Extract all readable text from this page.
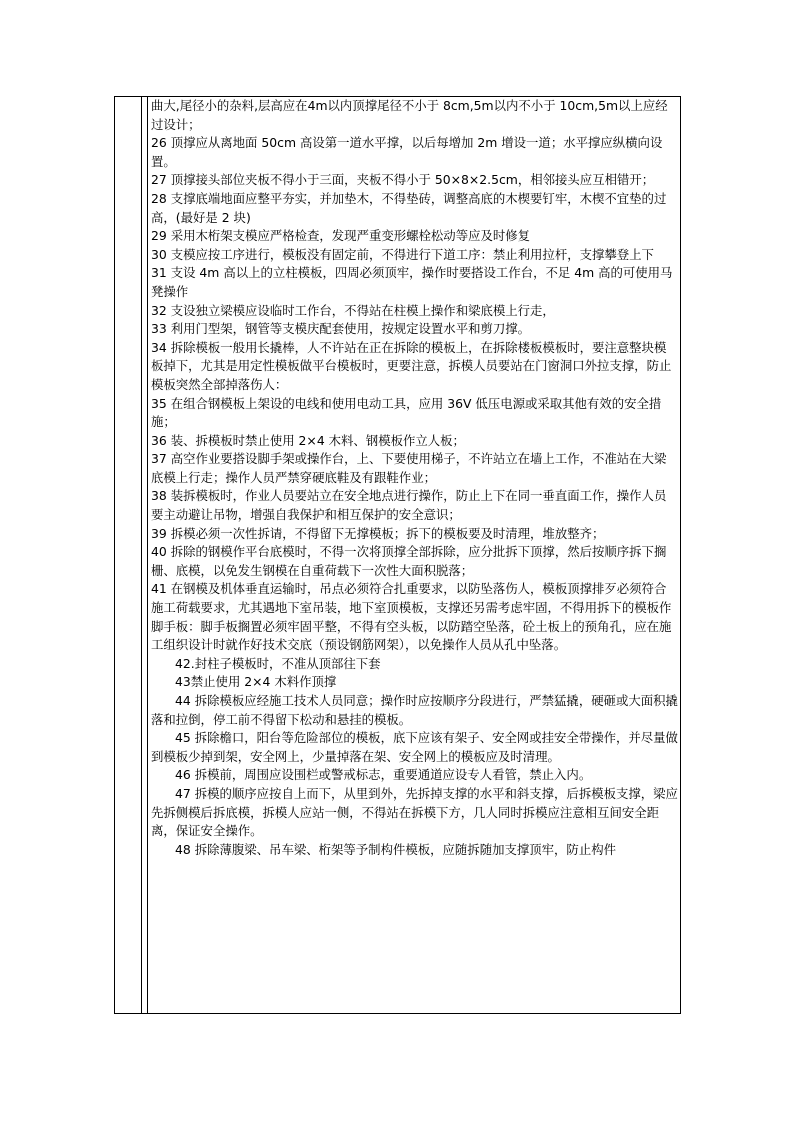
曲大,尾径小的杂料,层高应在4m以内顶撑尾径不小于 8cm,5m以内不小于 10cm,5m以上应经过设计；

26 顶撑应从离地面 50cm 高设第一道水平撑，以后每增加 2m 增设一道；水平撑应纵横向设置。

27 顶撑接头部位夹板不得小于三面，夹板不得小于 50×8×2.5cm，相邻接头应互相错开；

28 支撑底端地面应整平夯实，并加垫木，不得垫砖，调整高底的木楔要钉牢，木楔不宜垫的过高，(最好是 2 块)

29 采用木桁架支模应严格检查，发现严重变形螺栓松动等应及时修复

30 支模应按工序进行，模板没有固定前，不得进行下道工序：禁止利用拉杆，支撑攀登上下

31 支设 4m 高以上的立柱模板，四周必须顶牢，操作时要搭设工作台，不足 4m 高的可使用马凳操作

32 支设独立梁模应设临时工作台，不得站在柱模上操作和梁底模上行走，

33 利用门型架，钢管等支模庆配套使用，按规定设置水平和剪刀撑。

34 拆除模板一般用长撬棒，人不许站在正在拆除的模板上，在拆除楼板模板时，要注意整块模板掉下，尤其是用定性模板做平台模板时，更要注意，拆模人员要站在门窗洞口外拉支撑，防止模板突然全部掉落伤人：

35 在组合钢模板上架设的电线和使用电动工具，应用 36V 低压电源或采取其他有效的安全措施；

36 装、拆模板时禁止使用 2×4 木料、钢模板作立人板；

37 高空作业要搭设脚手架或操作台，上、下要使用梯子，不许站立在墙上工作，不准站在大梁底模上行走；操作人员严禁穿硬底鞋及有跟鞋作业；

38 装拆模板时，作业人员要站立在安全地点进行操作，防止上下在同一垂直面工作，操作人员要主动避让吊物，增强自我保护和相互保护的安全意识；

39 拆模必须一次性拆请，不得留下无撑模板；拆下的模板要及时清理，堆放整齐；

40 拆除的钢模作平台底模时，不得一次将顶撑全部拆除，应分批拆下顶撑，然后按顺序拆下搁栅、底模，以免发生钢模在自重荷载下一次性大面积脱落；

41 在钢模及机体垂直运输时，吊点必须符合扎重要求，以防坠落伤人，模板顶撑排歹必须符合施工荷载要求，尤其遇地下室吊装，地下室顶模板，支撑还另需考虑牢固，不得用拆下的模板作脚手板：脚手板搁置必须牢固平整，不得有空头板，以防踏空坠落，砼土板上的预角孔，应在施工组织设计时就作好技术交底（预设钢筋网架），以免操作人员从孔中坠落。

42.封柱子模板时，不准从顶部往下套

43禁止使用 2×4 木料作顶撑

44 拆除模板应经施工技术人员同意；操作时应按顺序分段进行，严禁猛撬，硬砸或大面积撬落和拉倒，停工前不得留下松动和悬挂的模板。

45 拆除檐口，阳台等危险部位的模板，底下应该有架子、安全网或挂安全带操作，并尽量做到模板少掉到架，安全网上，少量掉落在架、安全网上的模板应及时清理。

46 拆模前，周围应设围栏或警戒标志，重要通道应设专人看管，禁止入内。

47 拆模的顺序应按自上而下，从里到外，先拆掉支撑的水平和斜支撑，后拆模板支撑，梁应先拆侧模后拆底模，拆模人应站一侧，不得站在拆模下方，几人同时拆模应注意相互间安全距离，保证安全操作。

48 拆除薄腹梁、吊车梁、桁架等予制构件模板，应随拆随加支撑顶牢，防止构件
